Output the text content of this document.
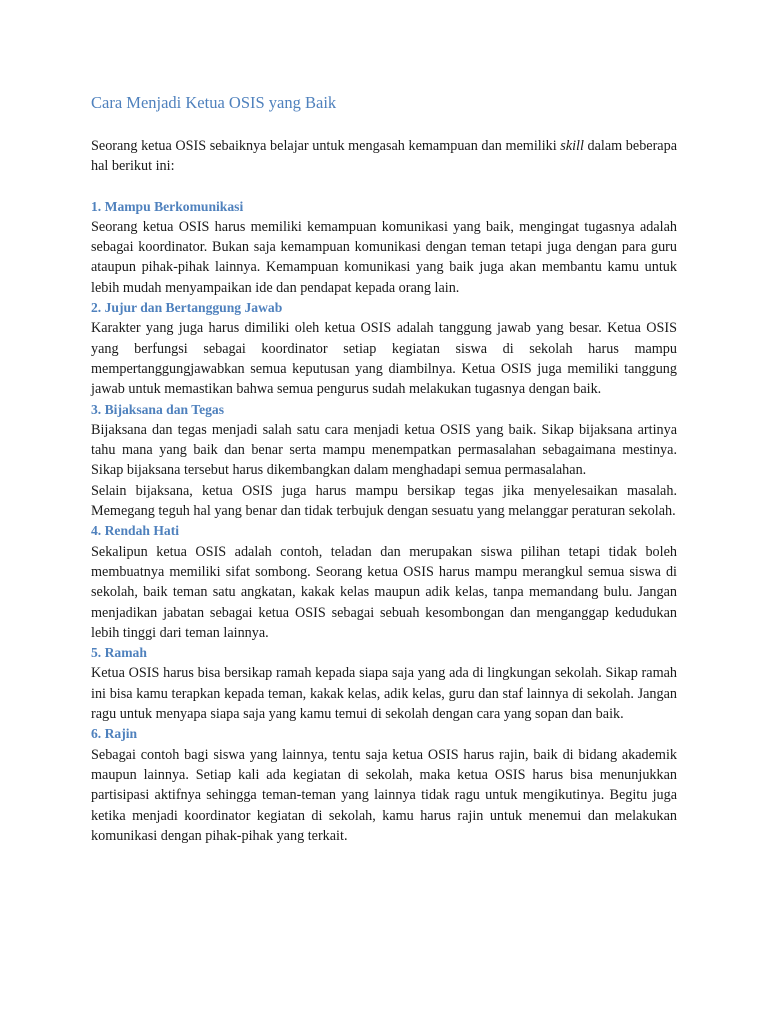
Cara Menjadi Ketua OSIS yang Baik

Seorang ketua OSIS sebaiknya belajar untuk mengasah kemampuan dan memiliki skill dalam beberapa hal berikut ini:

1. Mampu Berkomunikasi

Seorang ketua OSIS harus memiliki kemampuan komunikasi yang baik, mengingat tugasnya adalah sebagai koordinator. Bukan saja kemampuan komunikasi dengan teman tetapi juga dengan para guru ataupun pihak-pihak lainnya. Kemampuan komunikasi yang baik juga akan membantu kamu untuk lebih mudah menyampaikan ide dan pendapat kepada orang lain.

2. Jujur dan Bertanggung Jawab

Karakter yang juga harus dimiliki oleh ketua OSIS adalah tanggung jawab yang besar. Ketua OSIS yang berfungsi sebagai koordinator setiap kegiatan siswa di sekolah harus mampu mempertanggungjawabkan semua keputusan yang diambilnya. Ketua OSIS juga memiliki tanggung jawab untuk memastikan bahwa semua pengurus sudah melakukan tugasnya dengan baik.

3. Bijaksana dan Tegas

Bijaksana dan tegas menjadi salah satu cara menjadi ketua OSIS yang baik. Sikap bijaksana artinya tahu mana yang baik dan benar serta mampu menempatkan permasalahan sebagaimana mestinya. Sikap bijaksana tersebut harus dikembangkan dalam menghadapi semua permasalahan.

Selain bijaksana, ketua OSIS juga harus mampu bersikap tegas jika menyelesaikan masalah. Memegang teguh hal yang benar dan tidak terbujuk dengan sesuatu yang melanggar peraturan sekolah.

4. Rendah Hati

Sekalipun ketua OSIS adalah contoh, teladan dan merupakan siswa pilihan tetapi tidak boleh membuatnya memiliki sifat sombong. Seorang ketua OSIS harus mampu merangkul semua siswa di sekolah, baik teman satu angkatan, kakak kelas maupun adik kelas, tanpa memandang bulu. Jangan menjadikan jabatan sebagai ketua OSIS sebagai sebuah kesombongan dan menganggap kedudukan lebih tinggi dari teman lainnya.

5. Ramah

Ketua OSIS harus bisa bersikap ramah kepada siapa saja yang ada di lingkungan sekolah. Sikap ramah ini bisa kamu terapkan kepada teman, kakak kelas, adik kelas, guru dan staf lainnya di sekolah. Jangan ragu untuk menyapa siapa saja yang kamu temui di sekolah dengan cara yang sopan dan baik.

6. Rajin

Sebagai contoh bagi siswa yang lainnya, tentu saja ketua OSIS harus rajin, baik di bidang akademik maupun lainnya. Setiap kali ada kegiatan di sekolah, maka ketua OSIS harus bisa menunjukkan partisipasi aktifnya sehingga teman-teman yang lainnya tidak ragu untuk mengikutinya. Begitu juga ketika menjadi koordinator kegiatan di sekolah, kamu harus rajin untuk menemui dan melakukan komunikasi dengan pihak-pihak yang terkait.
